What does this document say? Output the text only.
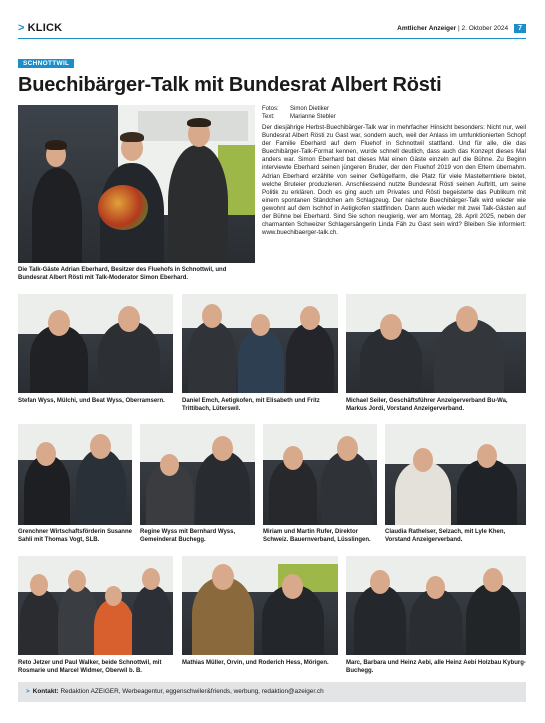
> KLICK	Amtlicher Anzeiger | 2. Oktober 2024 7
SCHNOTTWIL
Buechibärger-Talk mit Bundesrat Albert Rösti
Die Talk-Gäste Adrian Eberhard, Besitzer des Fluehofs in Schnottwil, und Bundesrat Albert Rösti mit Talk-Moderator Simon Eberhard.
Fotos: Simon Dietiker
Text:	Marianne Stebler
Der diesjährige Herbst-Buechibärger-Talk war in mehrfacher Hinsicht besonders: Nicht nur, weil Bundesrat Albert Rösti zu Gast war, sondern auch, weil der Anlass im umfunktionierten Schopf der Familie Eberhard auf dem Fluehof in Schnottwil stattfand. Und für alle, die das Buechibärger-Talk-Format kennen, wurde schnell deutlich, dass auch das Konzept dieses Mal anders war. Simon Eberhard bat dieses Mal einen Gäste einzeln auf die Bühne. Zu Beginn interviewte Eberhard seinen jüngeren Bruder, der den Fluehof 2019 von den Eltern übernahm. Adrian Eberhard erzählte von seiner Geflügelfarm, die Platz für viele Mastelterntiere bietet, welche Bruteier produzieren. Anschliessend nutzte Bundesrat Rösti seinen Auftritt, um seine Politik zu erklären. Doch es ging auch um Privates und Rösti begeisterte das Publikum mit einem spontanen Ständchen am Schlagzeug. Der nächste Buechibärger-Talk wird wieder wie gewohnt auf dem Ischhof in Aetigkofen stattfinden. Dann auch wieder mit zwei Talk-Gästen auf der Bühne bei Eberhard. Sind Sie schon neugierig, wer am Montag, 28. April 2025, neben der charmanten Schweizer Schlagersängerin Linda Fäh zu Gast sein wird? Bleiben Sie informiert: www.buechibaerger-talk.ch.
Stefan Wyss, Mülchi, und Beat Wyss, Oberramsern.	Daniel Emch, Aetigkofen, mit Elisabeth und Fritz Trittibach, Lüterswil.
Michael Seiler, Geschäftsführer Anzeigerverband Bu-Wa, Markus Jordi, Vorstand Anzeigerverband.
Grenchner Wirtschaftsförderin Susanne Sahli mit Thomas Vogt, SLB.
Regine Wyss mit Bernhard Wyss, Gemeinderat Buchegg.
Miriam und Martin Rufer, Direktor Schweiz. Bauernverband, Lüsslingen.
Claudia Rathelser, Selzach, mit Lyle Khen, Vorstand Anzeigerverband.
Reto Jetzer und Paul Walker, beide Schnottwil, mit Rosmarie und Marcel Widmer, Oberwil b. B.
Mathias Müller, Orvin, und Roderich Hess, Mörigen.	Marc, Barbara und Heinz Aebi, alle Heinz Aebi Holzbau Kyburg-Buchegg.
> Kontakt: Redaktion AZEIGER, Werbeagentur, eggenschwiler&friends, werbung, redaktion@azeiger.ch
